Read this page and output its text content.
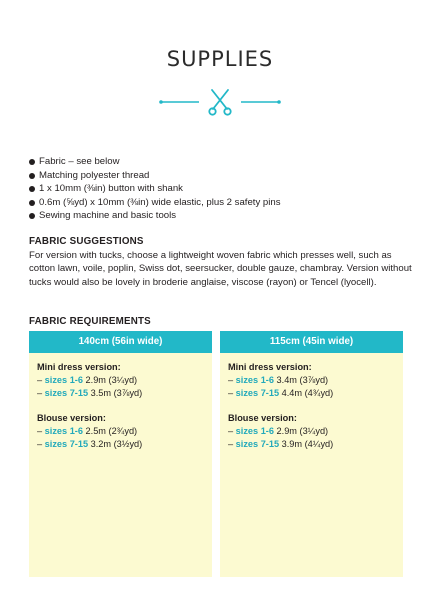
SUPPLIES
Fabric – see below
Matching polyester thread
1 x 10mm (⅜in) button with shank
0.6m (⅝yd) x 10mm (⅜in) wide elastic, plus 2 safety pins
Sewing machine and basic tools
FABRIC SUGGESTIONS

For version with tucks, choose a lightweight woven fabric which presses well, such as cotton lawn, voile, poplin, Swiss dot, seersucker, double gauze, chambray. Version without tucks would also be lovely in broderie anglaise, viscose (rayon) or Tencel (lyocell).

FABRIC REQUIREMENTS
140cm (56in wide)
Mini dress version:
– sizes 1-6 2.9m (3¼yd)
– sizes 7-15 3.5m (3⅞yd)
Blouse version:
– sizes 1-6 2.5m (2¾yd)
– sizes 7-15 3.2m (3½yd)
115cm (45in wide)
Mini dress version:
– sizes 1-6 3.4m (3⅞yd)
– sizes 7-15 4.4m (4¾yd)
Blouse version:
– sizes 1-6 2.9m (3¼yd)
– sizes 7-15 3.9m (4¼yd)
